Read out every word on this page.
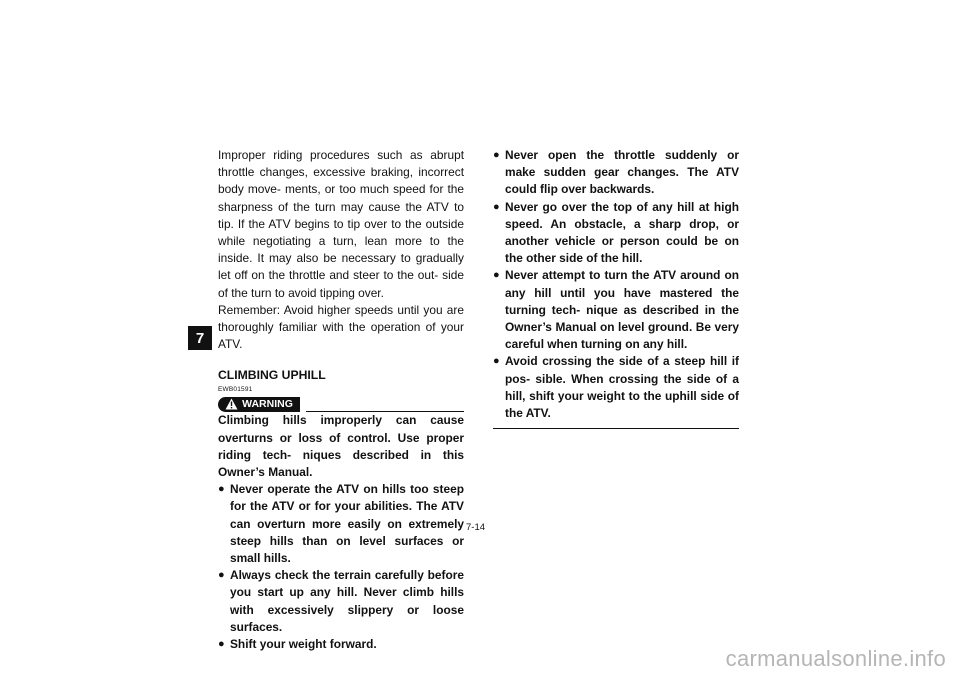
7

Improper riding procedures such as abrupt throttle changes, excessive braking, incorrect body move- ments, or too much speed for the sharpness of the turn may cause the ATV to tip. If the ATV begins to tip over to the outside while negotiating a turn, lean more to the inside. It may also be necessary to gradually let off on the throttle and steer to the out- side of the turn to avoid tipping over.

Remember: Avoid higher speeds until you are thoroughly familiar with the operation of your ATV.

CLIMBING UPHILL
EWB01591
WARNING

Climbing hills improperly can cause overturns or loss of control. Use proper riding tech- niques described in this Owner’s Manual.

● Never operate the ATV on hills too steep for the ATV or for your abilities. The ATV can overturn more easily on extremely steep hills than on level surfaces or small hills.
● Always check the terrain carefully before you start up any hill. Never climb hills with excessively slippery or loose surfaces.
● Shift your weight forward.
● Never open the throttle suddenly or make sudden gear changes. The ATV could flip over backwards.
● Never go over the top of any hill at high speed. An obstacle, a sharp drop, or another vehicle or person could be on the other side of the hill.
● Never attempt to turn the ATV around on any hill until you have mastered the turning tech- nique as described in the Owner’s Manual on level ground. Be very careful when turning on any hill.
● Avoid crossing the side of a steep hill if pos- sible. When crossing the side of a hill, shift your weight to the uphill side of the ATV.
7-14
carmanualsonline.info
